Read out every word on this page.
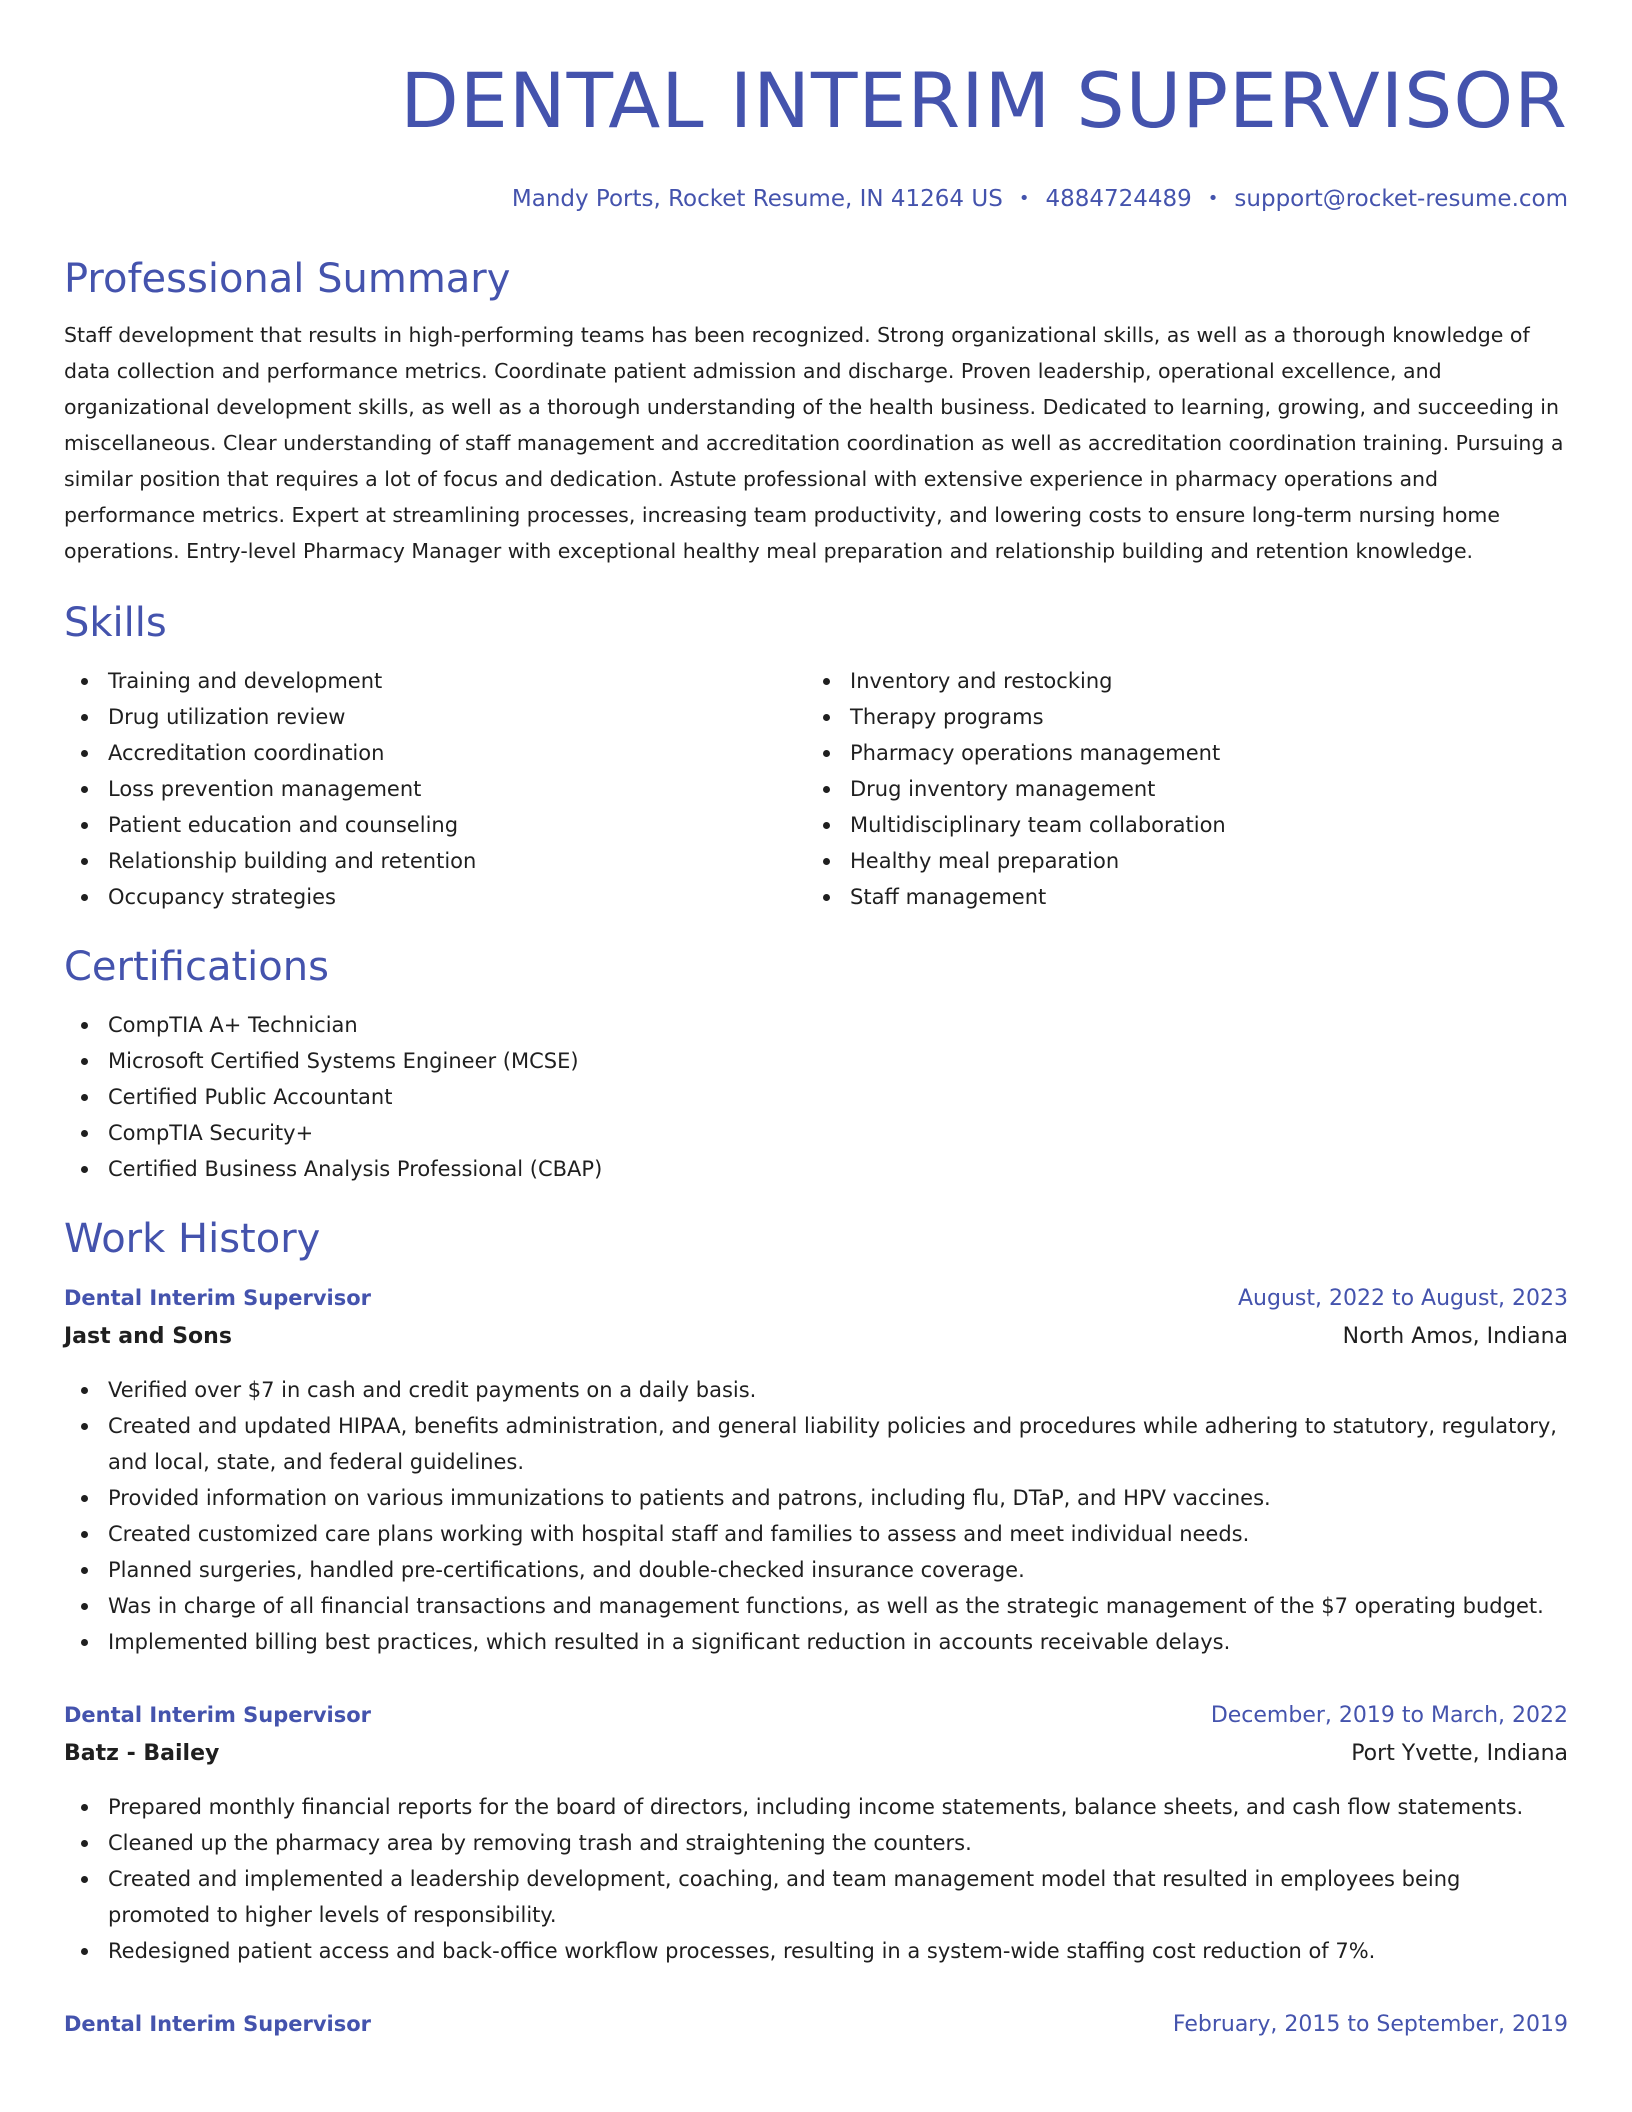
DENTAL INTERIM SUPERVISOR
Mandy Ports, Rocket Resume, IN 41264 US • 4884724489 • support@rocket-resume.com
Professional Summary
Staff development that results in high-performing teams has been recognized. Strong organizational skills, as well as a thorough knowledge of data collection and performance metrics. Coordinate patient admission and discharge. Proven leadership, operational excellence, and organizational development skills, as well as a thorough understanding of the health business. Dedicated to learning, growing, and succeeding in miscellaneous. Clear understanding of staff management and accreditation coordination as well as accreditation coordination training. Pursuing a similar position that requires a lot of focus and dedication. Astute professional with extensive experience in pharmacy operations and performance metrics. Expert at streamlining processes, increasing team productivity, and lowering costs to ensure long-term nursing home operations. Entry-level Pharmacy Manager with exceptional healthy meal preparation and relationship building and retention knowledge.
Skills
Training and development
Drug utilization review
Accreditation coordination
Loss prevention management
Patient education and counseling
Relationship building and retention
Occupancy strategies
Inventory and restocking
Therapy programs
Pharmacy operations management
Drug inventory management
Multidisciplinary team collaboration
Healthy meal preparation
Staff management
Certifications
CompTIA A+ Technician
Microsoft Certified Systems Engineer (MCSE)
Certified Public Accountant
CompTIA Security+
Certified Business Analysis Professional (CBAP)
Work History
Dental Interim Supervisor	August, 2022 to August, 2023
Jast and Sons	North Amos, Indiana
Verified over $7 in cash and credit payments on a daily basis.
Created and updated HIPAA, benefits administration, and general liability policies and procedures while adhering to statutory, regulatory, and local, state, and federal guidelines.
Provided information on various immunizations to patients and patrons, including flu, DTaP, and HPV vaccines.
Created customized care plans working with hospital staff and families to assess and meet individual needs.
Planned surgeries, handled pre-certifications, and double-checked insurance coverage.
Was in charge of all financial transactions and management functions, as well as the strategic management of the $7 operating budget.
Implemented billing best practices, which resulted in a significant reduction in accounts receivable delays.
Dental Interim Supervisor	December, 2019 to March, 2022
Batz - Bailey	Port Yvette, Indiana
Prepared monthly financial reports for the board of directors, including income statements, balance sheets, and cash flow statements.
Cleaned up the pharmacy area by removing trash and straightening the counters.
Created and implemented a leadership development, coaching, and team management model that resulted in employees being promoted to higher levels of responsibility.
Redesigned patient access and back-office workflow processes, resulting in a system-wide staffing cost reduction of 7%.
Dental Interim Supervisor	February, 2015 to September, 2019
